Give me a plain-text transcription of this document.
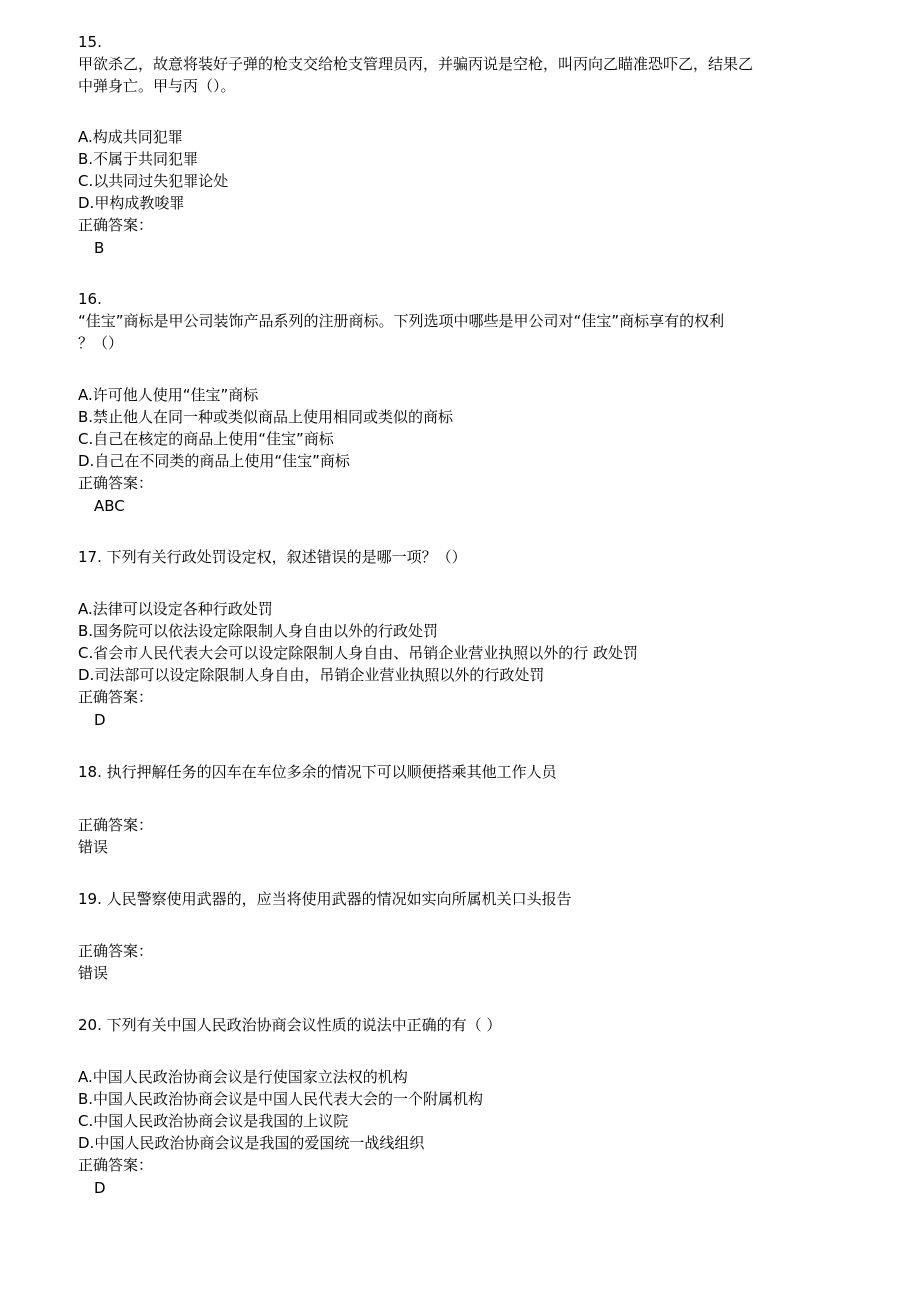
15.
甲欲杀乙，故意将装好子弹的枪支交给枪支管理员丙，并骗丙说是空枪，叫丙向乙瞄准恐吓乙，结果乙
中弹身亡。甲与丙（）。
A.构成共同犯罪
B.不属于共同犯罪
C.以共同过失犯罪论处
D.甲构成教唆罪
正确答案：
B
16.
“佳宝”商标是甲公司装饰产品系列的注册商标。下列选项中哪些是甲公司对“佳宝”商标享有的权利
？（）
A.许可他人使用“佳宝”商标
B.禁止他人在同一种或类似商品上使用相同或类似的商标
C.自己在核定的商品上使用“佳宝”商标
D.自己在不同类的商品上使用“佳宝”商标
正确答案：
ABC
17. 下列有关行政处罚设定权，叙述错误的是哪一项？（）
A.法律可以设定各种行政处罚
B.国务院可以依法设定除限制人身自由以外的行政处罚
C.省会市人民代表大会可以设定除限制人身自由、吊销企业营业执照以外的行 政处罚
D.司法部可以设定除限制人身自由，吊销企业营业执照以外的行政处罚
正确答案：
D
18. 执行押解任务的囚车在车位多余的情况下可以顺便搭乘其他工作人员
正确答案：
错误
19. 人民警察使用武器的，应当将使用武器的情况如实向所属机关口头报告
正确答案：
错误
20. 下列有关中国人民政治协商会议性质的说法中正确的有（ ）
A.中国人民政治协商会议是行使国家立法权的机构
B.中国人民政治协商会议是中国人民代表大会的一个附属机构
C.中国人民政治协商会议是我国的上议院
D.中国人民政治协商会议是我国的爱国统一战线组织
正确答案：
D
